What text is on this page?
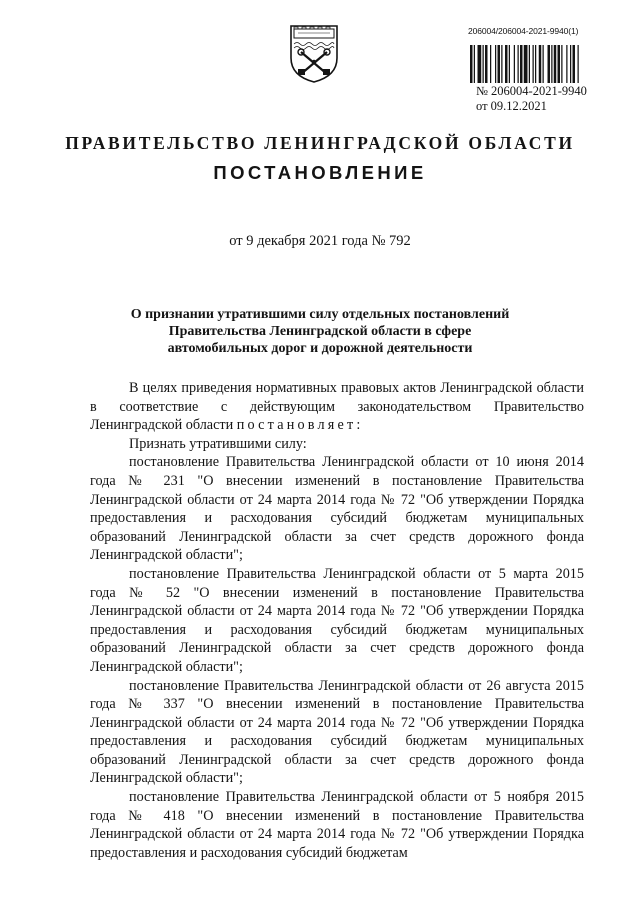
206004/206004-2021-9940(1)
№ 206004-2021-9940
от 09.12.2021
ПРАВИТЕЛЬСТВО ЛЕНИНГРАДСКОЙ ОБЛАСТИ
ПОСТАНОВЛЕНИЕ
от 9 декабря 2021 года № 792
О признании утратившими силу отдельных постановлений
Правительства Ленинградской области в сфере
автомобильных дорог и дорожной деятельности

В целях приведения нормативных правовых актов Ленинградской области в соответствие с действующим законодательством Правительство Ленинградской области постановляет:

Признать утратившими силу:

постановление Правительства Ленинградской области от 10 июня 2014 года № 231 "О внесении изменений в постановление Правительства Ленинградской области от 24 марта 2014 года № 72 "Об утверждении Порядка предоставления и расходования субсидий бюджетам муниципальных образований Ленинградской области за счет средств дорожного фонда Ленинградской области";

постановление Правительства Ленинградской области от 5 марта 2015 года № 52 "О внесении изменений в постановление Правительства Ленинградской области от 24 марта 2014 года № 72 "Об утверждении Порядка предоставления и расходования субсидий бюджетам муниципальных образований Ленинградской области за счет средств дорожного фонда Ленинградской области";

постановление Правительства Ленинградской области от 26 августа 2015 года № 337 "О внесении изменений в постановление Правительства Ленинградской области от 24 марта 2014 года № 72 "Об утверждении Порядка предоставления и расходования субсидий бюджетам муниципальных образований Ленинградской области за счет средств дорожного фонда Ленинградской области";

постановление Правительства Ленинградской области от 5 ноября 2015 года № 418 "О внесении изменений в постановление Правительства Ленинградской области от 24 марта 2014 года № 72 "Об утверждении Порядка предоставления и расходования субсидий бюджетам
